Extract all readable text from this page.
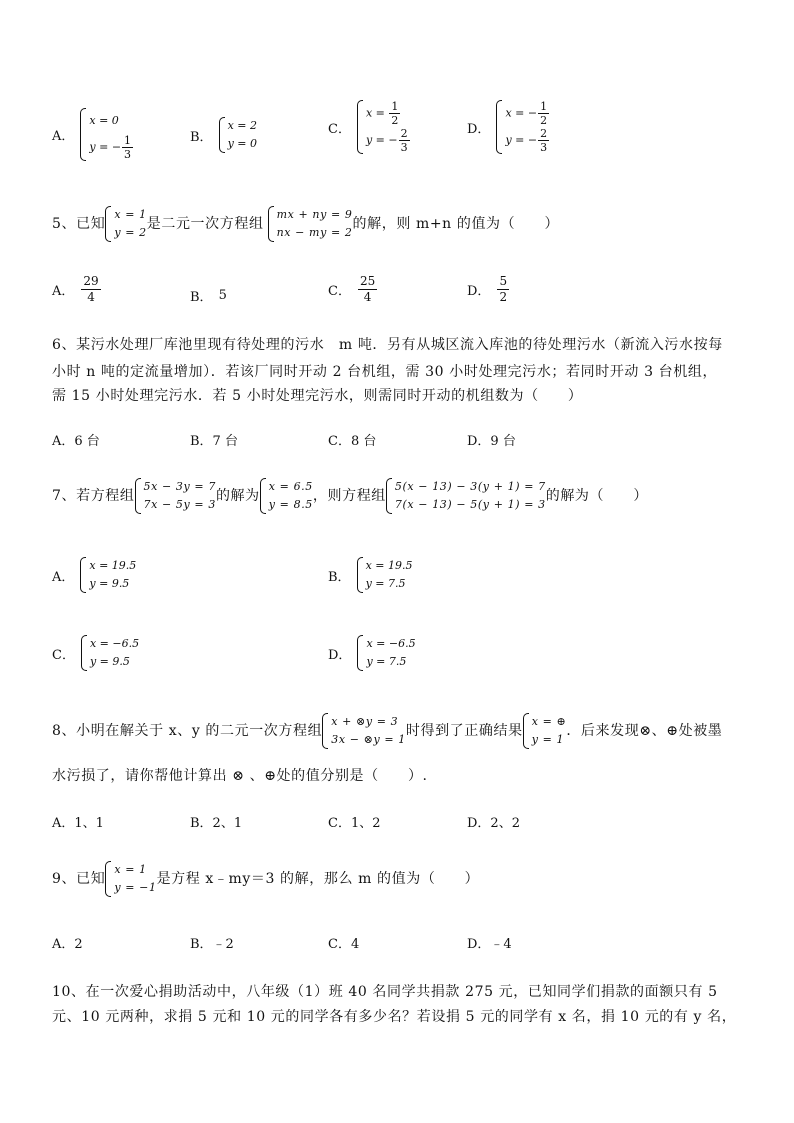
A．
x = 0
y = − $\frac{1}{3}$	B．
x = 2
y = 0
C．
$x = \frac{1}{2}$
y = − $\frac{2}{3}$	D．
x = − $\frac{1}{2}$
y = − $\frac{2}{3}$
5、已知
x = 1
y = 2
是二元一次方程组
mx + ny = 9
nx − my = 2
的解，则 m+n 的值为（　　）
A． $\frac{29}{4}$	B． 5	C． $\frac{25}{4}$	D． $\frac{5}{2}$
6、某污水处理厂库池里现有待处理的污水　m 吨．另有从城区流入库池的待处理污水（新流入污水按每
小时 n 吨的定流量增加）．若该厂同时开动 2 台机组，需 30 小时处理完污水；若同时开动 3 台机组，
需 15 小时处理完污水．若 5 小时处理完污水，则需同时开动的机组数为（　　）
A．6 台	B．7 台	C．8 台	D．9 台
7、若方程组
5x − 3y = 7
7x − 5y = 3
的解为
x = 6.5
y = 8.5
，则方程组
5(x − 13) − 3(y + 1) = 7
7(x − 13) − 5(y + 1) = 3
的解为（　　）
A．
x = 19.5
y = 9.5	B．
x = 19.5
y = 7.5
C．
x = −6.5
y = 9.5	D．
x = −6.5
y = 7.5
8、小明在解关于 x、y 的二元一次方程组
x + ⊗y = 3
3x − ⊗y = 1
时得到了正确结果
x = ⊕
y = 1
．后来发现⊗、⊕处被墨
水污损了，请你帮他计算出 ⊗ 、⊕处的值分别是（　　）.
A．1、1	B．2、1	C．1、2	D．2、2
9、已知
x = 1
y = −1
是方程 x﹣my＝3 的解，那么 m 的值为（　　）
A．2	B．﹣2	C．4	D．﹣4
10、在一次爱心捐助活动中，八年级（1）班 40 名同学共捐款 275 元，已知同学们捐款的面额只有 5
元、10 元两种，求捐 5 元和 10 元的同学各有多少名？若设捐 5 元的同学有 x 名，捐 10 元的有 y 名，
